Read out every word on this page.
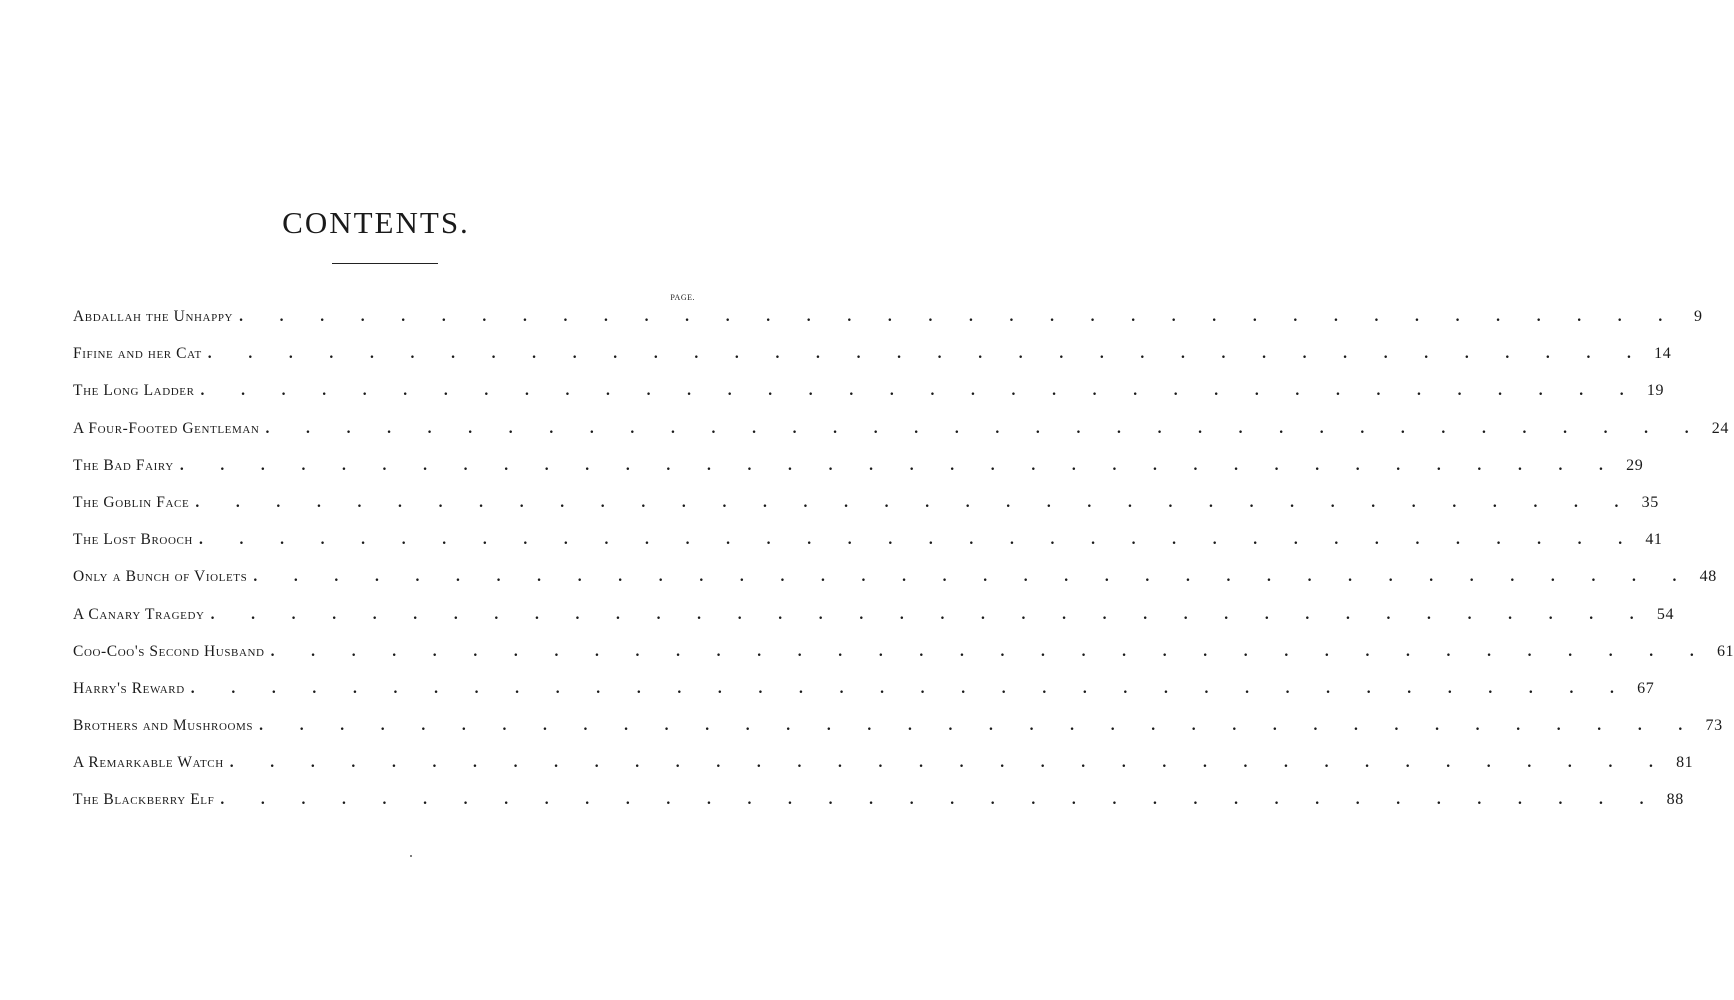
CONTENTS.
PAGE.
Abdallah the Unhappy . . . . . . . . . . . . . . . . . . . . . . . . . . . . . . . . . . . . 9
Fifine and her Cat . . . . . . . . . . . . . . . . . . . . . . . . . . . . . . . . . . . . 14
The Long Ladder . . . . . . . . . . . . . . . . . . . . . . . . . . . . . . . . . . . . 19
A Four-Footed Gentleman . . . . . . . . . . . . . . . . . . . . . . . . . . . . . . . . . . . . 24
The Bad Fairy . . . . . . . . . . . . . . . . . . . . . . . . . . . . . . . . . . . . 29
The Goblin Face . . . . . . . . . . . . . . . . . . . . . . . . . . . . . . . . . . . . 35
The Lost Brooch . . . . . . . . . . . . . . . . . . . . . . . . . . . . . . . . . . . . 41
Only a Bunch of Violets . . . . . . . . . . . . . . . . . . . . . . . . . . . . . . . . . . . . 48
A Canary Tragedy . . . . . . . . . . . . . . . . . . . . . . . . . . . . . . . . . . . . 54
Coo-Coo's Second Husband . . . . . . . . . . . . . . . . . . . . . . . . . . . . . . . . . . . . 61
Harry's Reward . . . . . . . . . . . . . . . . . . . . . . . . . . . . . . . . . . . . 67
Brothers and Mushrooms . . . . . . . . . . . . . . . . . . . . . . . . . . . . . . . . . . . . 73
A Remarkable Watch . . . . . . . . . . . . . . . . . . . . . . . . . . . . . . . . . . . . 81
The Blackberry Elf . . . . . . . . . . . . . . . . . . . . . . . . . . . . . . . . . . . . 88
